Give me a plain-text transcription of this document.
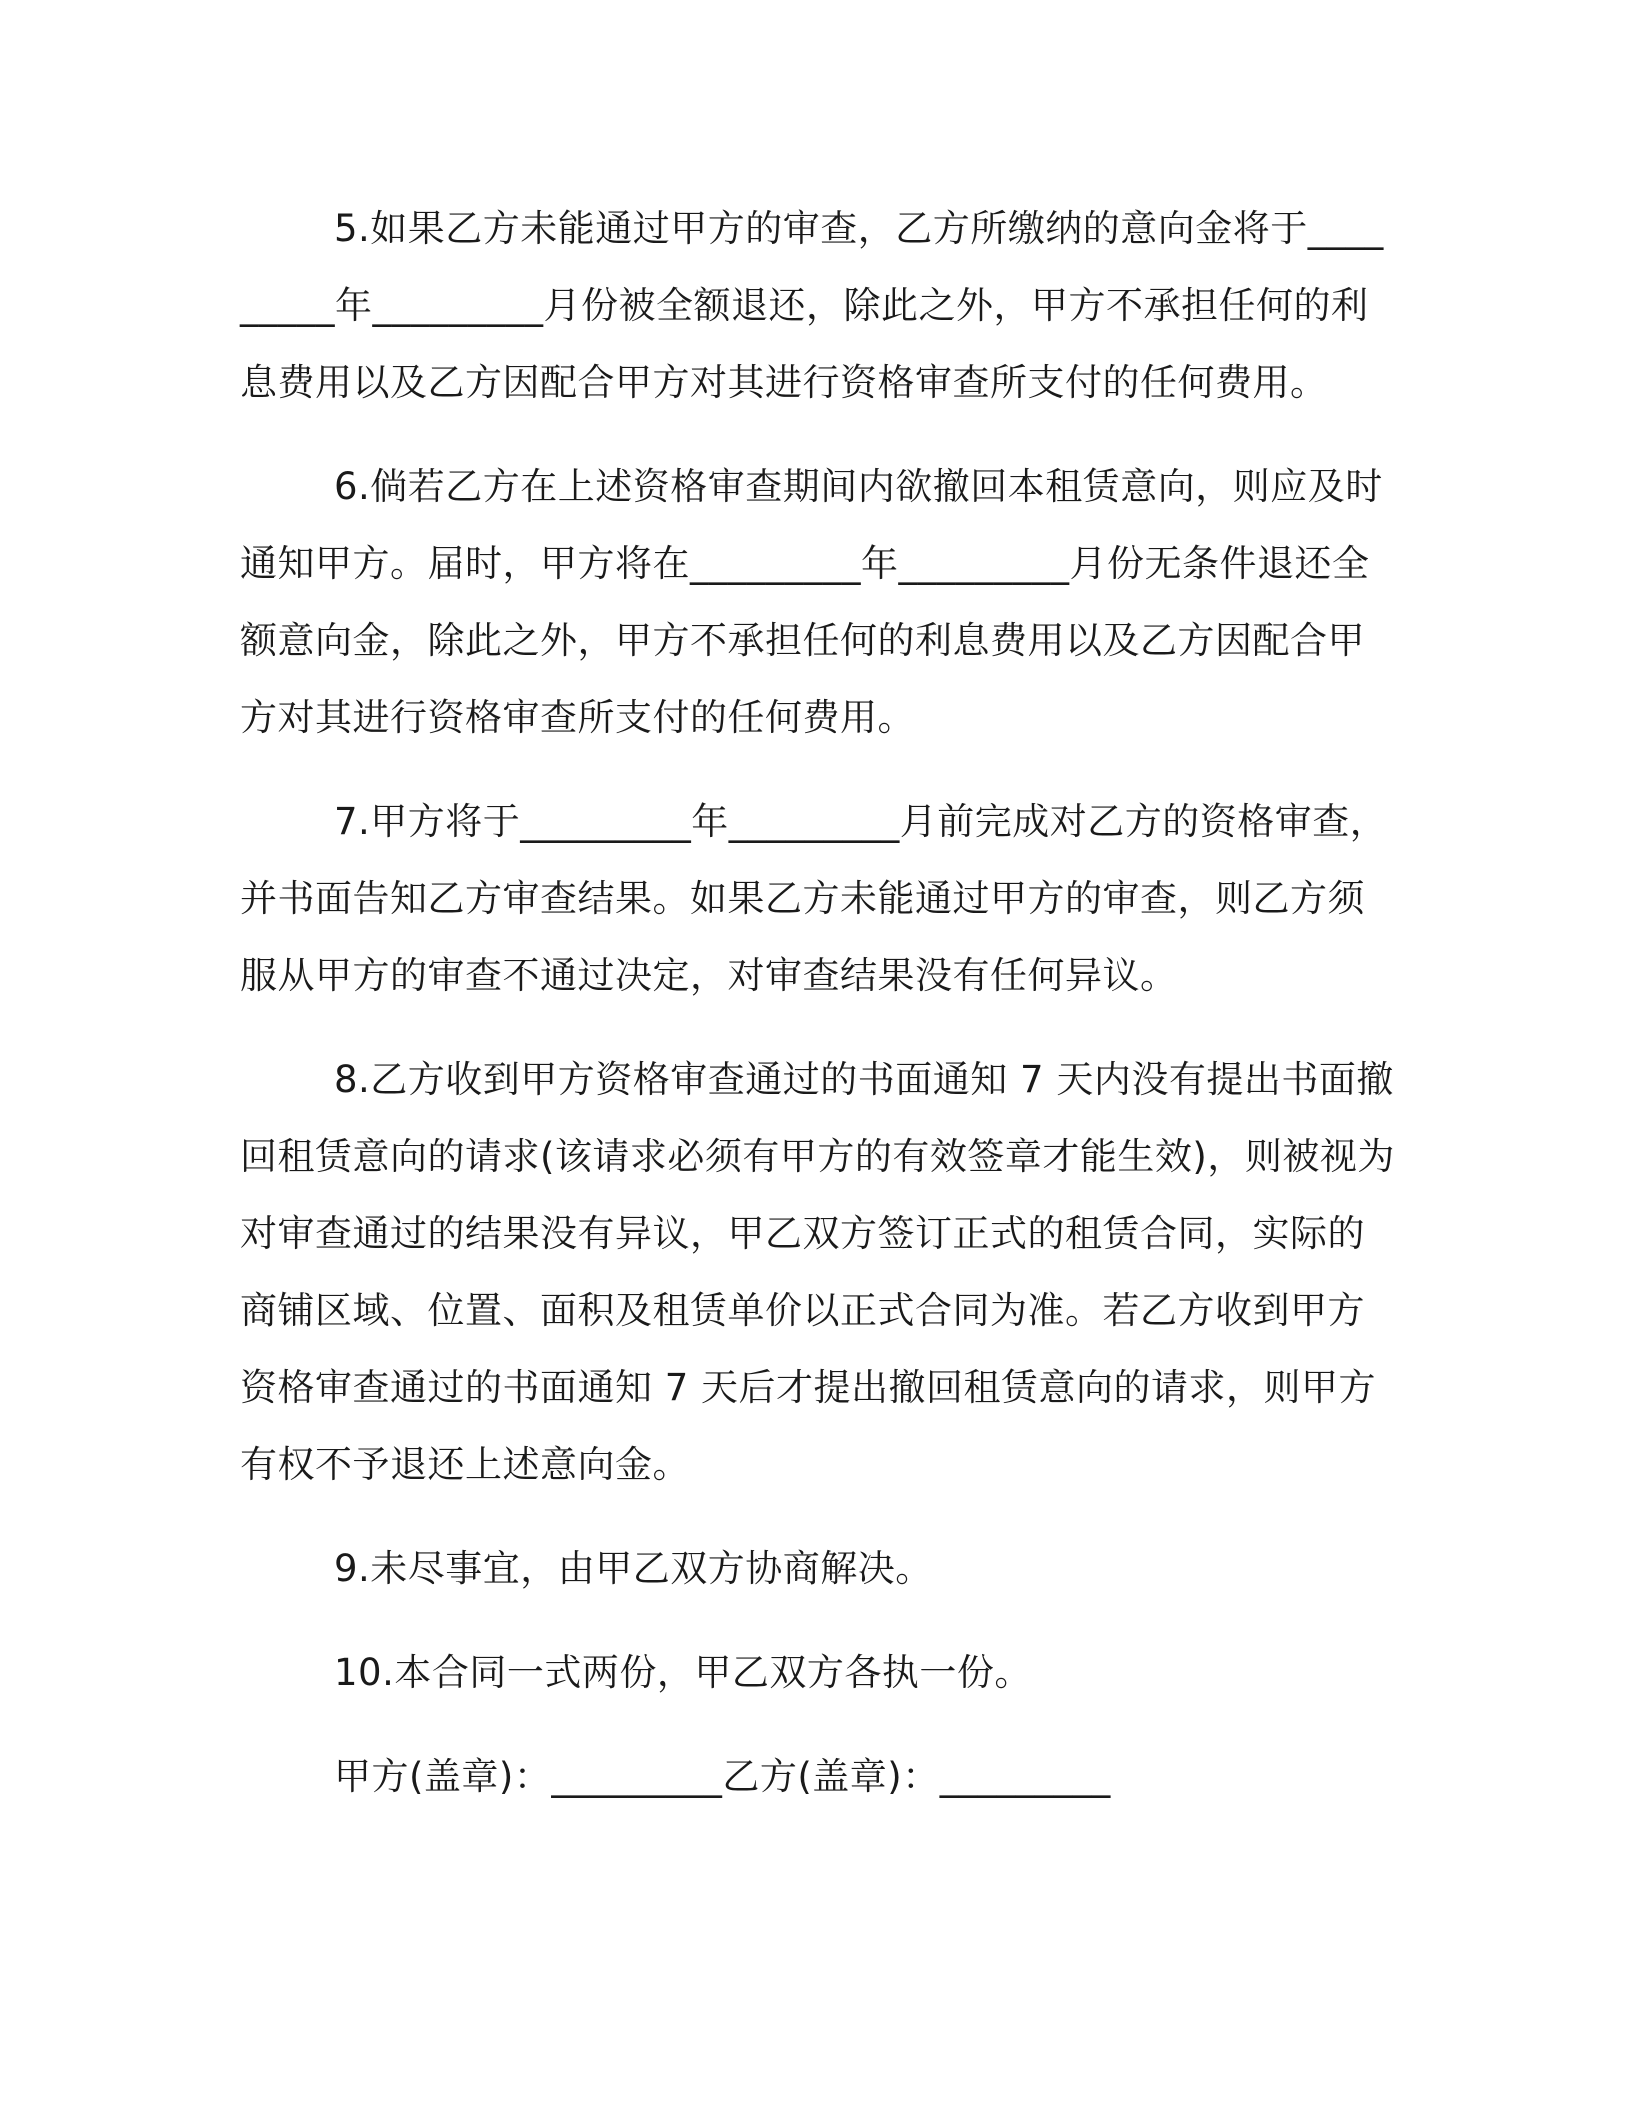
5.如果乙方未能通过甲方的审查，乙方所缴纳的意向金将于_________年_________月份被全额退还，除此之外，甲方不承担任何的利息费用以及乙方因配合甲方对其进行资格审查所支付的任何费用。

6.倘若乙方在上述资格审查期间内欲撤回本租赁意向，则应及时通知甲方。届时，甲方将在_________年_________月份无条件退还全额意向金，除此之外，甲方不承担任何的利息费用以及乙方因配合甲方对其进行资格审查所支付的任何费用。

7.甲方将于_________年_________月前完成对乙方的资格审查，并书面告知乙方审查结果。如果乙方未能通过甲方的审查，则乙方须服从甲方的审查不通过决定，对审查结果没有任何异议。

8.乙方收到甲方资格审查通过的书面通知 7 天内没有提出书面撤回租赁意向的请求(该请求必须有甲方的有效签章才能生效)，则被视为对审查通过的结果没有异议，甲乙双方签订正式的租赁合同，实际的商铺区域、位置、面积及租赁单价以正式合同为准。若乙方收到甲方资格审查通过的书面通知 7 天后才提出撤回租赁意向的请求，则甲方有权不予退还上述意向金。

9.未尽事宜，由甲乙双方协商解决。

10.本合同一式两份，甲乙双方各执一份。

甲方(盖章)：_________乙方(盖章)：_________
